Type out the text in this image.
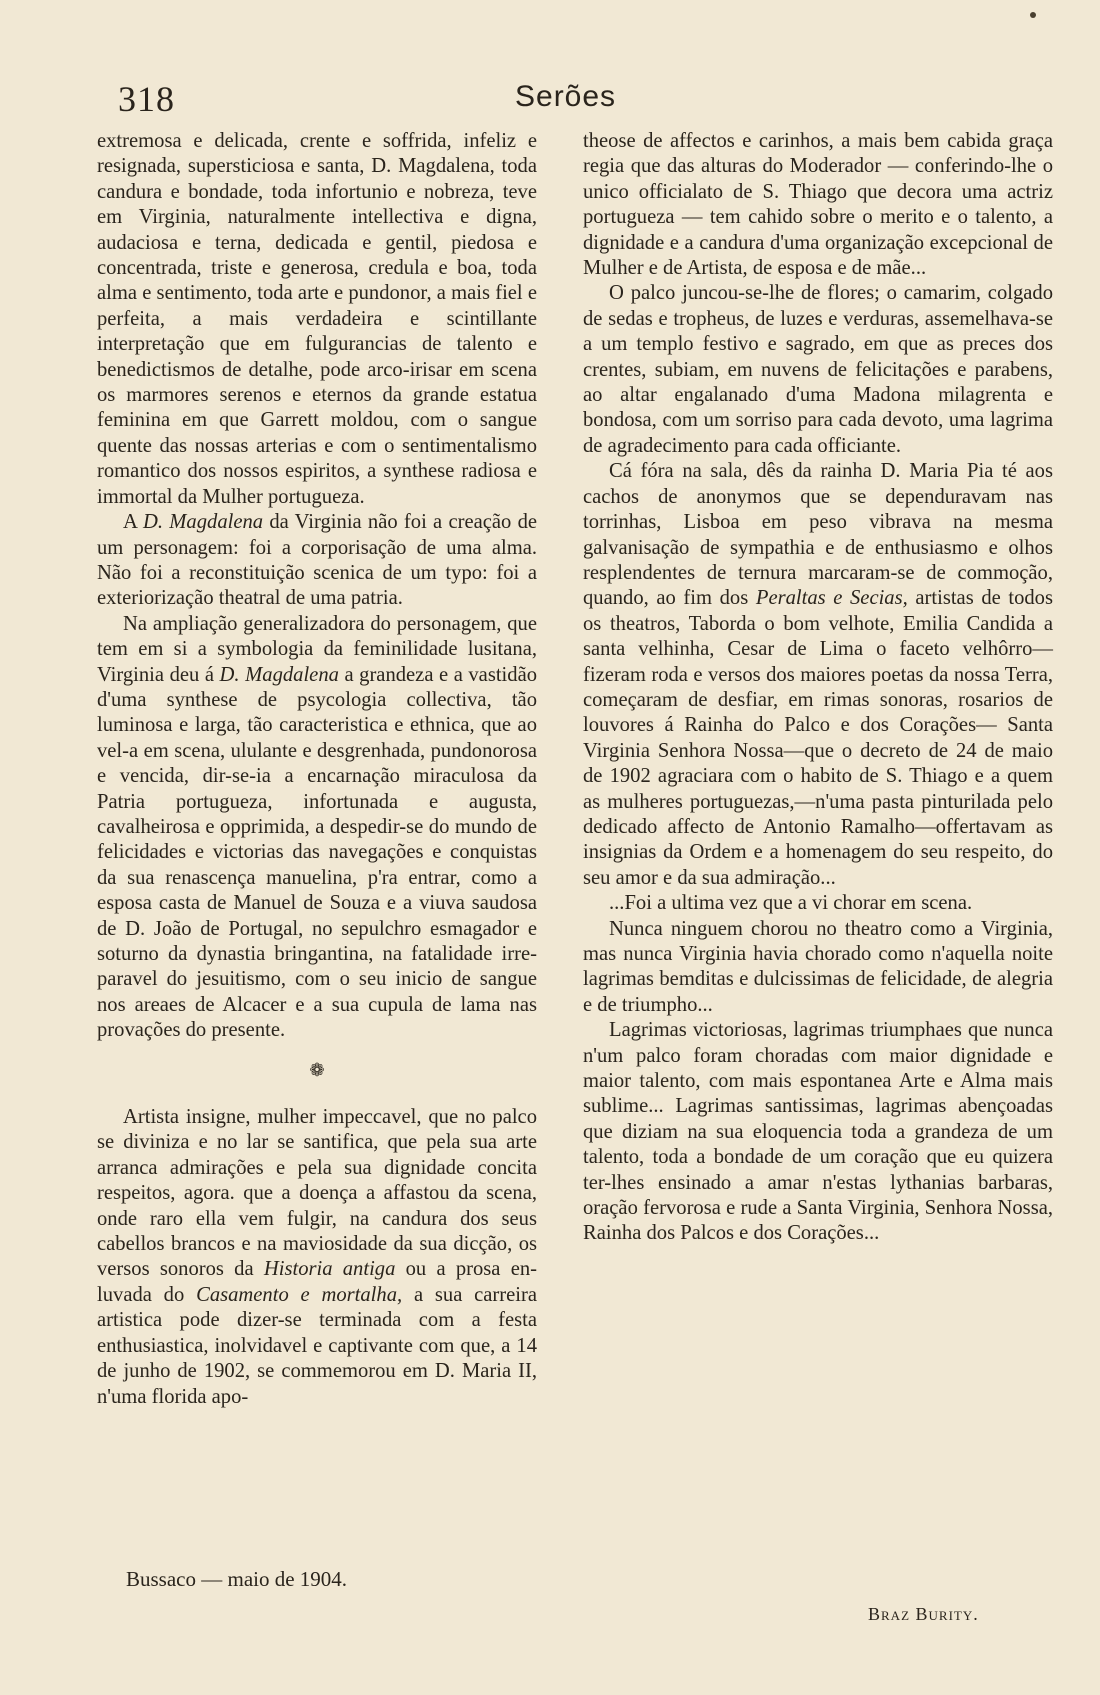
318	Serões

extremosa e delicada, crente e soffrida, infeliz e resignada, supersticiosa e santa, D. Magdalena, toda candura e bondade, toda infortunio e nobreza, teve em Virginia, naturalmente intellectiva e digna, audaciosa e terna, dedicada e gentil, piedosa e concentrada, triste e generosa, credula e boa, toda alma e sentimento, toda arte e pundonor, a mais fiel e perfeita, a mais verdadeira e scintillante interpretação que em fulgurancias de talento e benedictismos de detalhe, pode arco-irisar em scena os marmores serenos e eternos da grande estatua feminina em que Garrett moldou, com o sangue quente das nossas arterias e com o sentimentalismo romantico dos nossos espiritos, a synthese radiosa e immortal da Mulher portugueza.

A D. Magdalena da Virginia não foi a creação de um personagem: foi a corporisação de uma alma. Não foi a reconstituição scenica de um typo: foi a exteriorização theatral de uma patria.

Na ampliação generalizadora do personagem, que tem em si a symbologia da feminilidade lusitana, Virginia deu á D. Magdalena a grandeza e a vastidão d'uma synthese de psycologia collectiva, tão luminosa e larga, tão caracteristica e ethnica, que ao vel-a em scena, ululante e desgrenhada, pundonorosa e vencida, dir-se-ia a encarnação miraculosa da Patria portugueza, infortunada e augusta, cavalheirosa e opprimida, a despedir-se do mundo de felicidades e victorias das navegações e conquistas da sua renascença manuelina, p'ra entrar, como a esposa casta de Manuel de Souza e a viuva saudosa de D. João de Portugal, no sepulchro esmagador e soturno da dynastia bringantina, na fatalidade irreparavel do jesuitismo, com o seu inicio de sangue nos areaes de Alcacer e a sua cupula de lama nas provações do presente.

❁

Artista insigne, mulher impeccavel, que no palco se diviniza e no lar se santifica, que pela sua arte arranca admirações e pela sua dignidade concita respeitos, agora. que a doença a affastou da scena, onde raro ella vem fulgir, na candura dos seus cabellos brancos e na maviosidade da sua dicção, os versos sonoros da Historia antiga ou a prosa enluvada do Casamento e mortalha, a sua carreira artistica pode dizer-se terminada com a festa enthusiastica, inolvidavel e captivante com que, a 14 de junho de 1902, se commemorou em D. Maria II, n'uma florida apo-

theose de affectos e carinhos, a mais bem cabida graça regia que das alturas do Moderador — conferindo-lhe o unico officialato de S. Thiago que decora uma actriz portugueza — tem cahido sobre o merito e o talento, a dignidade e a candura d'uma organização excepcional de Mulher e de Artista, de esposa e de mãe...

O palco juncou-se-lhe de flores; o camarim, colgado de sedas e tropheus, de luzes e verduras, assemelhava-se a um templo festivo e sagrado, em que as preces dos crentes, subiam, em nuvens de felicitações e parabens, ao altar engalanado d'uma Madona milagrenta e bondosa, com um sorriso para cada devoto, uma lagrima de agradecimento para cada officiante.

Cá fóra na sala, dês da rainha D. Maria Pia té aos cachos de anonymos que se dependuravam nas torrinhas, Lisboa em peso vibrava na mesma galvanisação de sympathia e de enthusiasmo e olhos resplendentes de ternura marcaram-se de commoção, quando, ao fim dos Peraltas e Secias, artistas de todos os theatros, Taborda o bom velhote, Emilia Candida a santa velhinha, Cesar de Lima o faceto velhôrro—fizeram roda e versos dos maiores poetas da nossa Terra, começaram de desfiar, em rimas sonoras, rosarios de louvores á Rainha do Palco e dos Corações— Santa Virginia Senhora Nossa—que o decreto de 24 de maio de 1902 agraciara com o habito de S. Thiago e a quem as mulheres portuguezas,—n'uma pasta pinturilada pelo dedicado affecto de Antonio Ramalho—offertavam as insignias da Ordem e a homenagem do seu respeito, do seu amor e da sua admiração...

...Foi a ultima vez que a vi chorar em scena.

Nunca ninguem chorou no theatro como a Virginia, mas nunca Virginia havia chorado como n'aquella noite lagrimas bemditas e dulcissimas de felicidade, de alegria e de triumpho...

Lagrimas victoriosas, lagrimas triumphaes que nunca n'um palco foram choradas com maior dignidade e maior talento, com mais espontanea Arte e Alma mais sublime... Lagrimas santissimas, lagrimas abençoadas que diziam na sua eloquencia toda a grandeza de um talento, toda a bondade de um coração que eu quizera ter-lhes ensinado a amar n'estas lythanias barbaras, oração fervorosa e rude a Santa Virginia, Senhora Nossa, Rainha dos Palcos e dos Corações...

Bussaco — maio de 1904.
Braz Burity.
